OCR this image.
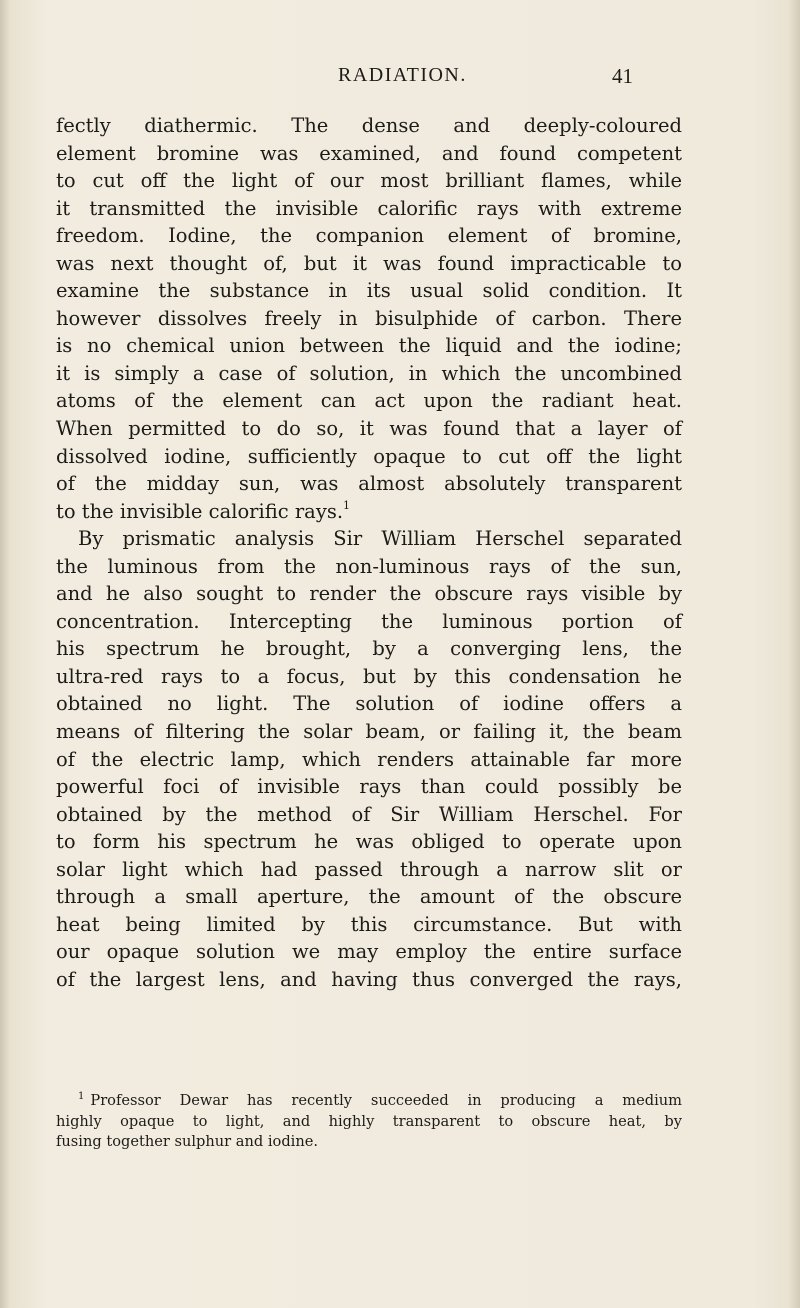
RADIATION.	41
fectly diathermic. The dense and deeply-coloured
element bromine was examined, and found competent
to cut off the light of our most brilliant flames, while
it transmitted the invisible calorific rays with extreme
freedom. Iodine, the companion element of bromine,
was next thought of, but it was found impracticable to
examine the substance in its usual solid condition. It
however dissolves freely in bisulphide of carbon. There
is no chemical union between the liquid and the iodine;
it is simply a case of solution, in which the uncombined
atoms of the element can act upon the radiant heat.
When permitted to do so, it was found that a layer of
dissolved iodine, sufficiently opaque to cut off the light
of the midday sun, was almost absolutely transparent
to the invisible calorific rays.$^1$
By prismatic analysis Sir William Herschel separated
the luminous from the non-luminous rays of the sun,
and he also sought to render the obscure rays visible by
concentration. Intercepting the luminous portion of
his spectrum he brought, by a converging lens, the
ultra-red rays to a focus, but by this condensation he
obtained no light. The solution of iodine offers a
means of filtering the solar beam, or failing it, the beam
of the electric lamp, which renders attainable far more
powerful foci of invisible rays than could possibly be
obtained by the method of Sir William Herschel. For
to form his spectrum he was obliged to operate upon
solar light which had passed through a narrow slit or
through a small aperture, the amount of the obscure
heat being limited by this circumstance. But with
our opaque solution we may employ the entire surface
of the largest lens, and having thus converged the rays,
$^1$ Professor Dewar has recently succeeded in producing a medium
highly opaque to light, and highly transparent to obscure heat, by
fusing together sulphur and iodine.
